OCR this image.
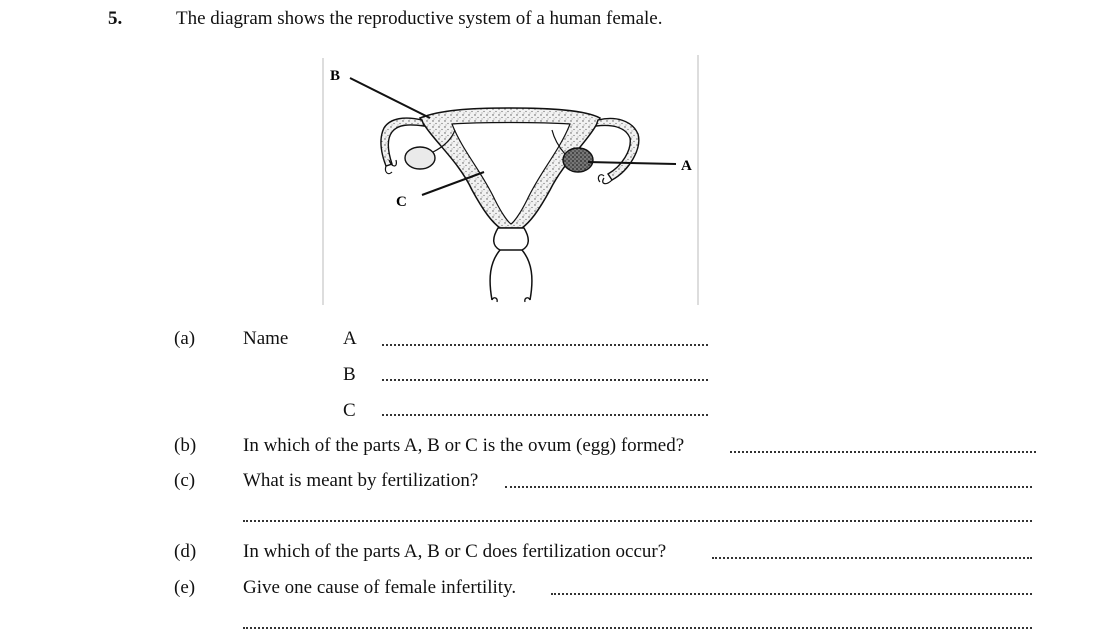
5.	The diagram shows the reproductive system of a human female.
B
A
C
(a)	Name	A
B
C
(b) In which of the parts A, B or C is the ovum (egg) formed?
(c)	What is meant by fertilization?
(d) In which of the parts A, B or C does fertilization occur?
(e)	Give one cause of female infertility.
